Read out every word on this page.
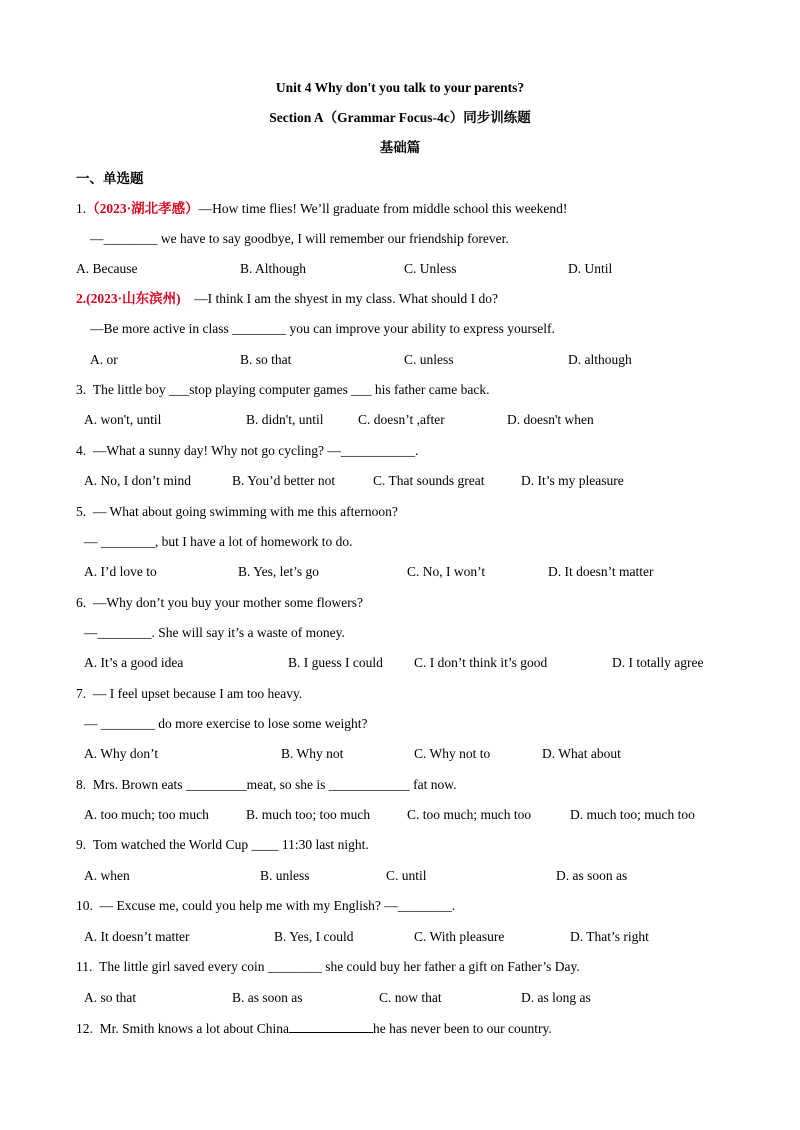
Unit 4 Why don't you talk to your parents?
Section A（Grammar Focus-4c）同步训练题
基础篇
一、单选题
1.（2023·湖北孝感）—How time flies! We’ll graduate from middle school this weekend!
—________ we have to say goodbye, I will remember our friendship forever.
A. Because	B. Although	C. Unless	D. Until
2.(2023·山东滨州) —I think I am the shyest in my class. What should I do?
—Be more active in class ________ you can improve your ability to express yourself.
A. or	B. so that	C. unless	D. although
3. The little boy ___stop playing computer games ___ his father came back.
A. won't, until	B. didn't, until	C. doesn’t ,after	D. doesn't when
4. —What a sunny day! Why not go cycling? —___________.
A. No, I don’t mind	B. You’d better not	C. That sounds great	D. It’s my pleasure
5. — What about going swimming with me this afternoon?
— ________, but I have a lot of homework to do.
A. I’d love to	B. Yes, let’s go	C. No, I won’t	D. It doesn’t matter
6. —Why don’t you buy your mother some flowers?
—________. She will say it’s a waste of money.
A. It’s a good idea	B. I guess I could C. I don’t think it’s good	D. I totally agree
7. — I feel upset because I am too heavy.
— ________ do more exercise to lose some weight?
A. Why don’t	B. Why not	C. Why not to	D. What about
8. Mrs. Brown eats _________meat, so she is ____________ fat now.
A. too much; too much	B. much too; too much	C. too much; much too	D. much too; much too
9. Tom watched the World Cup ____ 11:30 last night.
A. when	B. unless	C. until	D. as soon as
10. — Excuse me, could you help me with my English? —________.
A. It doesn’t matter	B. Yes, I could	C. With pleasure	D. That’s right
11. The little girl saved every coin ________ she could buy her father a gift on Father’s Day.
A. so that	B. as soon as	C. now that	D. as long as
12. Mr. Smith knows a lot about China	he has never been to our country.
